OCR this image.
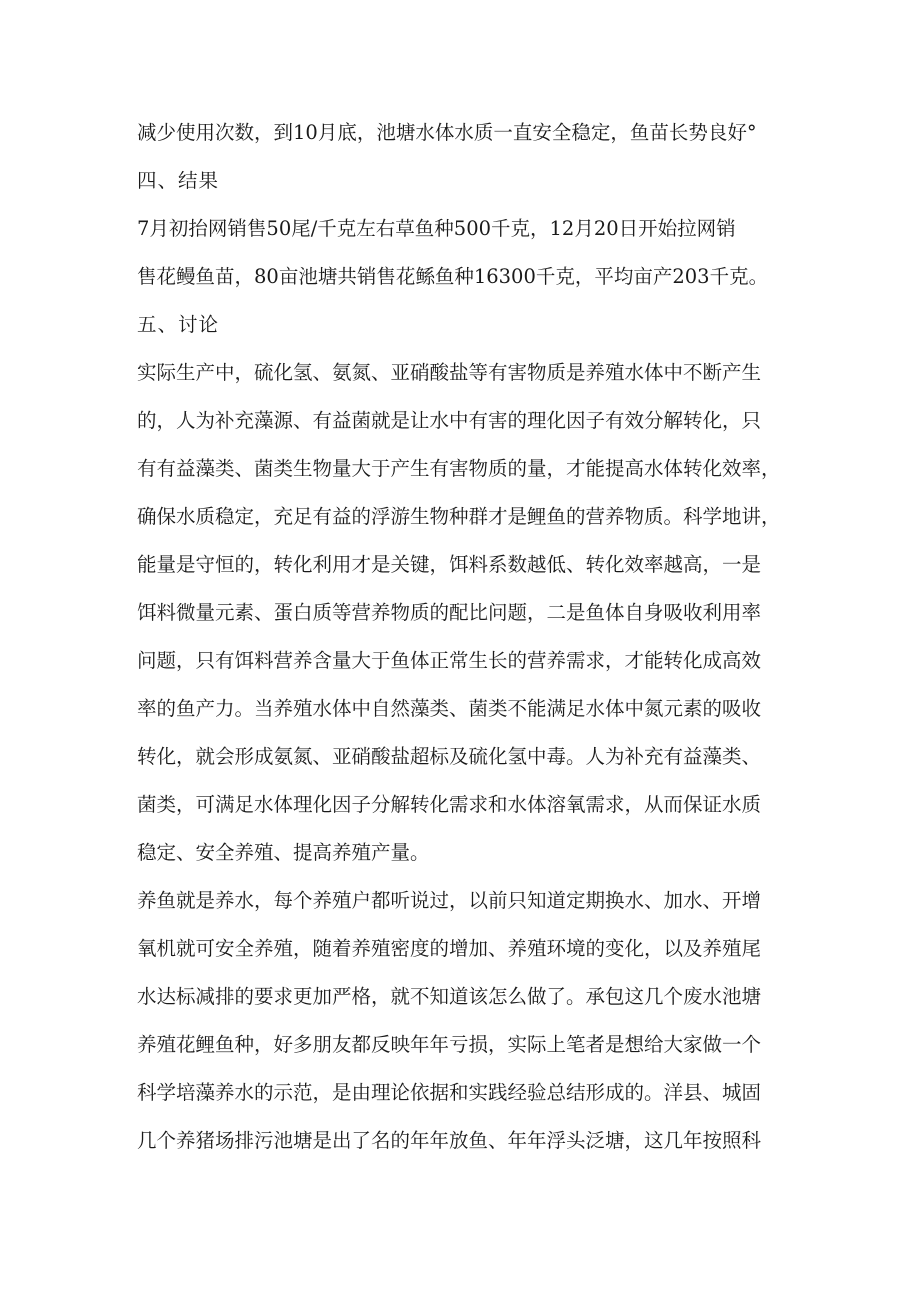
减少使用次数，到10月底，池塘水体水质一直安全稳定，鱼苗长势良好°
四、结果
7月初抬网销售50尾/千克左右草鱼种500千克，12月20日开始拉网销
售花鳗鱼苗，80亩池塘共销售花鲧鱼种16300千克，平均亩产203千克。
五、讨论
实际生产中，硫化氢、氨氮、亚硝酸盐等有害物质是养殖水体中不断产生
的，人为补充藻源、有益菌就是让水中有害的理化因子有效分解转化，只
有有益藻类、菌类生物量大于产生有害物质的量，才能提高水体转化效率，
确保水质稳定，充足有益的浮游生物种群才是鲤鱼的营养物质。科学地讲，
能量是守恒的，转化利用才是关键，饵料系数越低、转化效率越高，一是
饵料微量元素、蛋白质等营养物质的配比问题，二是鱼体自身吸收利用率
问题，只有饵料营养含量大于鱼体正常生长的营养需求，才能转化成高效
率的鱼产力。当养殖水体中自然藻类、菌类不能满足水体中氮元素的吸收
转化，就会形成氨氮、亚硝酸盐超标及硫化氢中毒。人为补充有益藻类、
菌类，可满足水体理化因子分解转化需求和水体溶氧需求，从而保证水质
稳定、安全养殖、提高养殖产量。
养鱼就是养水，每个养殖户都听说过，以前只知道定期换水、加水、开增
氧机就可安全养殖，随着养殖密度的增加、养殖环境的变化，以及养殖尾
水达标减排的要求更加严格，就不知道该怎么做了。承包这几个废水池塘
养殖花鲤鱼种，好多朋友都反映年年亏损，实际上笔者是想给大家做一个
科学培藻养水的示范，是由理论依据和实践经验总结形成的。洋县、城固
几个养猪场排污池塘是出了名的年年放鱼、年年浮头泛塘，这几年按照科
